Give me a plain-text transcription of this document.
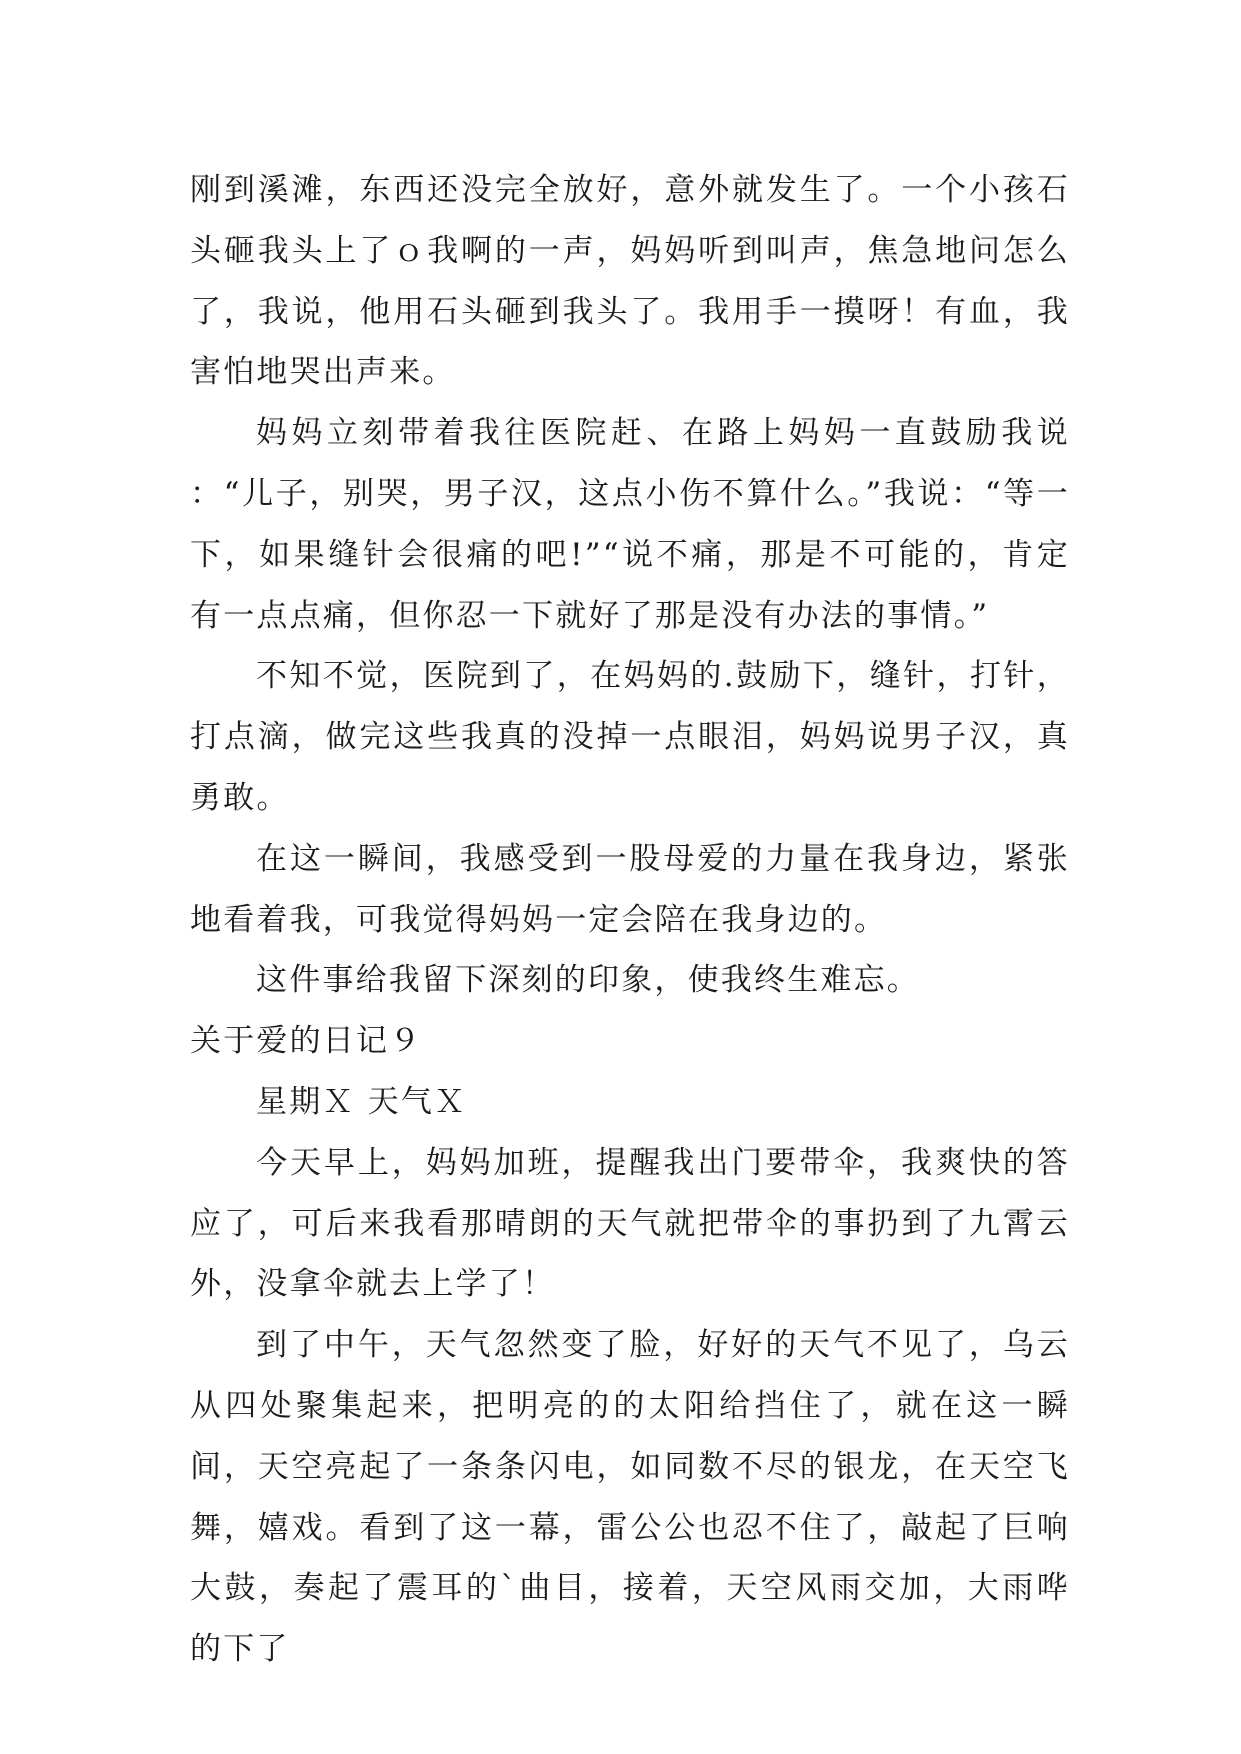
刚到溪滩，东西还没完全放好，意外就发生了。一个小孩石头砸我头上了ｏ我啊的一声，妈妈听到叫声，焦急地问怎么了，我说，他用石头砸到我头了。我用手一摸呀！有血，我害怕地哭出声来。

妈妈立刻带着我往医院赶、在路上妈妈一直鼓励我说 ：“儿子，别哭，男子汉，这点小伤不算什么。”我说：“等一下，如果缝针会很痛的吧!”“说不痛，那是不可能的，肯定有一点点痛，但你忍一下就好了那是没有办法的事情。”

不知不觉，医院到了，在妈妈的.鼓励下，缝针，打针，打点滴，做完这些我真的没掉一点眼泪，妈妈说男子汉，真勇敢。

在这一瞬间，我感受到一股母爱的力量在我身边，紧张地看着我，可我觉得妈妈一定会陪在我身边的。

这件事给我留下深刻的印象，使我终生难忘。

关于爱的日记９

星期Ｘ 天气Ｘ

今天早上，妈妈加班，提醒我出门要带伞，我爽快的答应了，可后来我看那晴朗的天气就把带伞的事扔到了九霄云外，没拿伞就去上学了！

到了中午，天气忽然变了脸，好好的天气不见了，乌云从四处聚集起来，把明亮的的太阳给挡住了，就在这一瞬间，天空亮起了一条条闪电，如同数不尽的银龙，在天空飞舞，嬉戏。看到了这一幕，雷公公也忍不住了，敲起了巨响大鼓，奏起了震耳的`曲目，接着，天空风雨交加，大雨哗的下了
